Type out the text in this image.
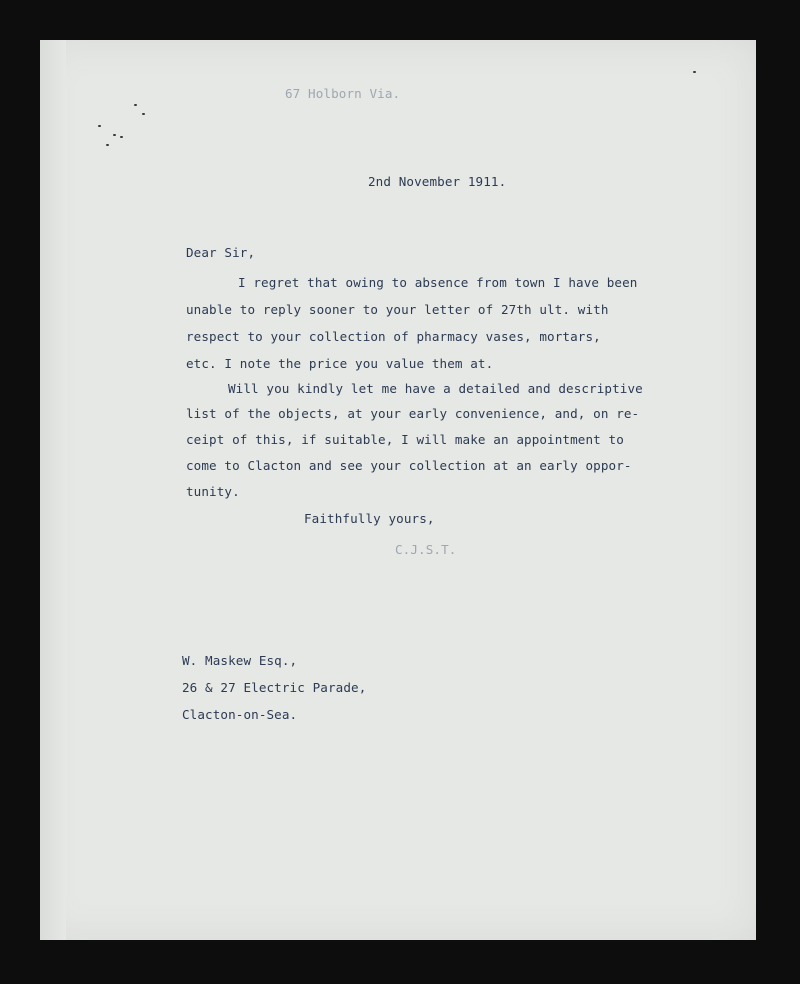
67 Holborn Via.
2nd November 1911.
Dear Sir,
I regret that owing to absence from town I have been
unable to reply sooner to your letter of 27th ult. with
respect to your collection of pharmacy vases, mortars,
etc. I note the price you value them at.
Will you kindly let me have a detailed and descriptive
list of the objects, at your early convenience, and, on re-
ceipt of this, if suitable, I will make an appointment to
come to Clacton and see your collection at an early oppor-
tunity.
Faithfully yours,
C.J.S.T.
W. Maskew Esq.,
26 & 27 Electric Parade,
Clacton-on-Sea.
